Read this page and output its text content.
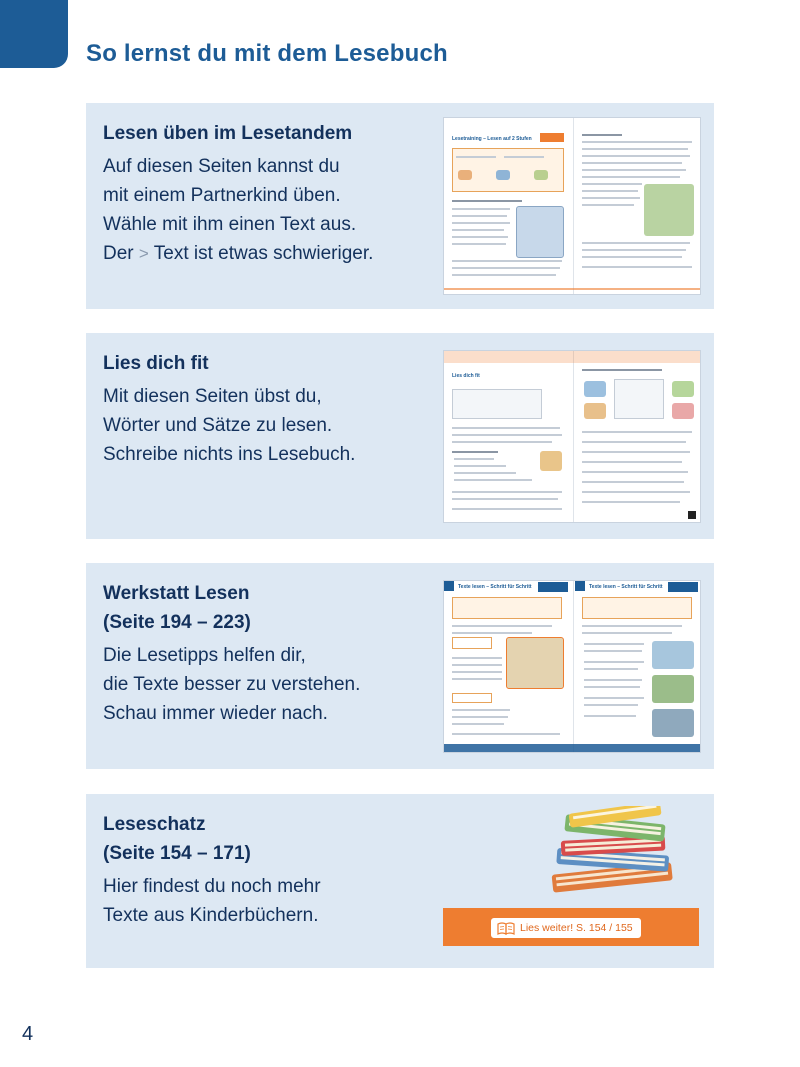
So lernst du mit dem Lesebuch
Lesen üben im Lesetandem

Auf diesen Seiten kannst du
mit einem Partnerkind üben.
Wähle mit ihm einen Text aus.
Der > Text ist etwas schwieriger.

Lesetraining – Lesen auf 2 Stufen
Lies dich fit

Mit diesen Seiten übst du,
Wörter und Sätze zu lesen.
Schreibe nichts ins Lesebuch.

Lies dich fit
Werkstatt Lesen
(Seite 194 – 223)

Die Lesetipps helfen dir,
die Texte besser zu verstehen.
Schau immer wieder nach.

Texte lesen – Schritt für Schritt	Texte lesen – Schritt für Schritt
Leseschatz
(Seite 154 – 171)

Hier findest du noch mehr
Texte aus Kinderbüchern.

Lies weiter! S. 154 / 155
4
